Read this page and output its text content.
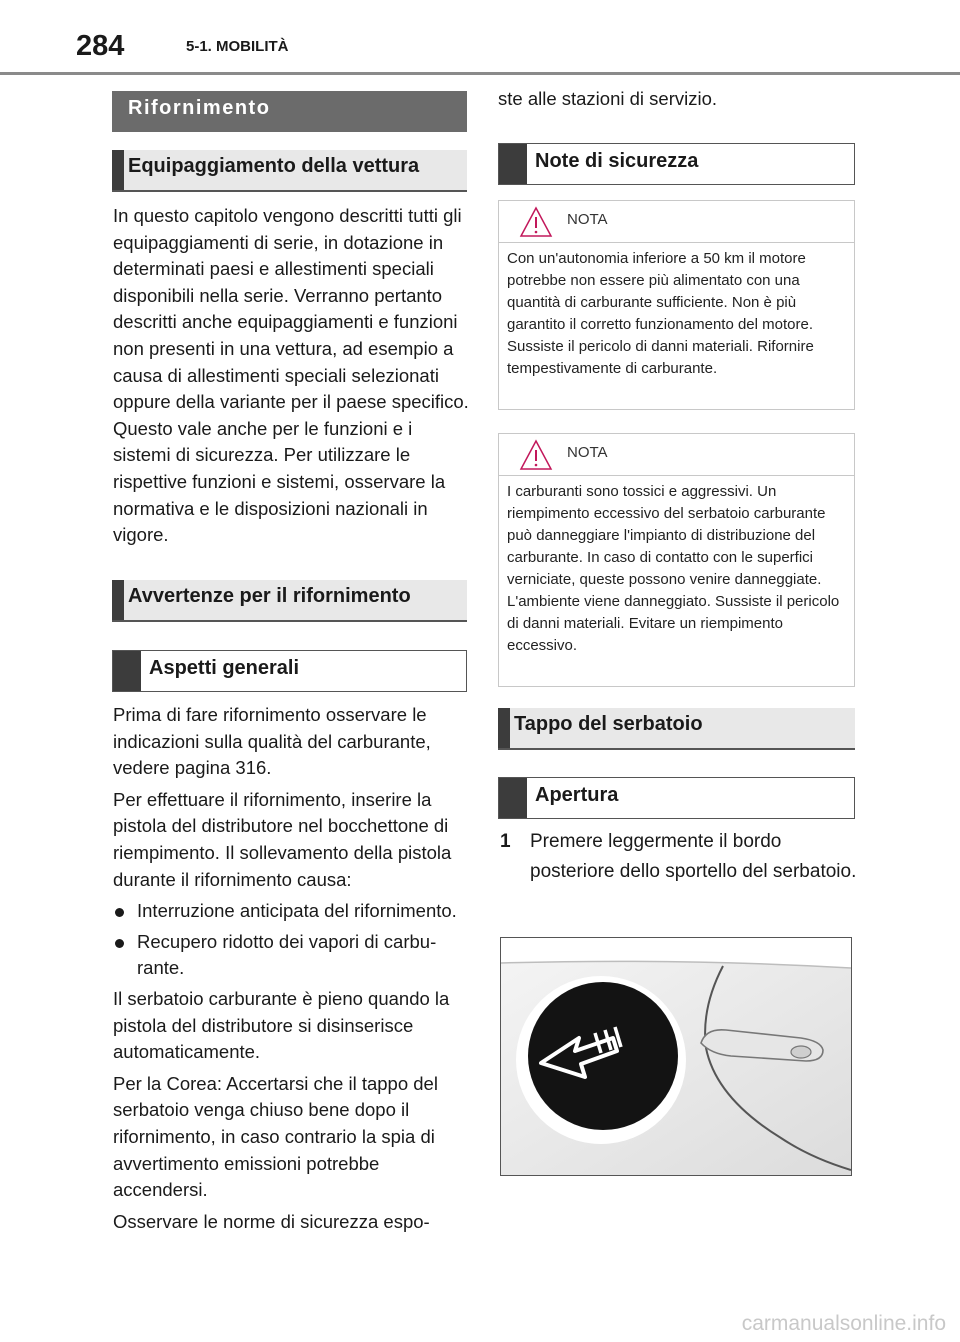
284	5-1. MOBILITÀ
Rifornimento
Equipaggiamento della vettura
In questo capitolo vengono descritti tutti gli equipaggiamenti di serie, in dotazione in determinati paesi e allestimenti speciali disponibili nella serie. Verranno pertanto descritti anche equipaggiamenti e funzioni non presenti in una vettura, ad esempio a causa di allestimenti speciali selezionati oppure della variante per il paese specifico. Questo vale anche per le funzioni e i sistemi di sicurezza. Per utilizzare le rispettive funzioni e sistemi, osservare la normativa e le disposizioni nazionali in vigore.
Avvertenze per il rifornimento
Aspetti generali
Prima di fare rifornimento osservare le indicazioni sulla qualità del carburante, vedere pagina 316.
Per effettuare il rifornimento, inserire la pistola del distributore nel bocchettone di riempimento. Il sollevamento della pistola durante il rifornimento causa:
Interruzione anticipata del rifornimento.
Recupero ridotto dei vapori di carburante.
Il serbatoio carburante è pieno quando la pistola del distributore si disinserisce automaticamente.
Per la Corea: Accertarsi che il tappo del serbatoio venga chiuso bene dopo il rifornimento, in caso contrario la spia di avvertimento emissioni potrebbe accendersi.
Osservare le norme di sicurezza espo-
ste alle stazioni di servizio.
Note di sicurezza
NOTA
Con un'autonomia inferiore a 50 km il motore potrebbe non essere più alimentato con una quantità di carburante sufficiente. Non è più garantito il corretto funzionamento del motore. Sussiste il pericolo di danni materiali. Rifornire tempestivamente di carburante.
NOTA
I carburanti sono tossici e aggressivi. Un riempimento eccessivo del serbatoio carburante può danneggiare l'impianto di distribuzione del carburante. In caso di contatto con le superfici verniciate, queste possono venire danneggiate. L'ambiente viene danneggiato. Sussiste il pericolo di danni materiali. Evitare un riempimento eccessivo.
Tappo del serbatoio
Apertura
1	Premere leggermente il bordo posteriore dello sportello del serbatoio.
carmanualsonline.info
